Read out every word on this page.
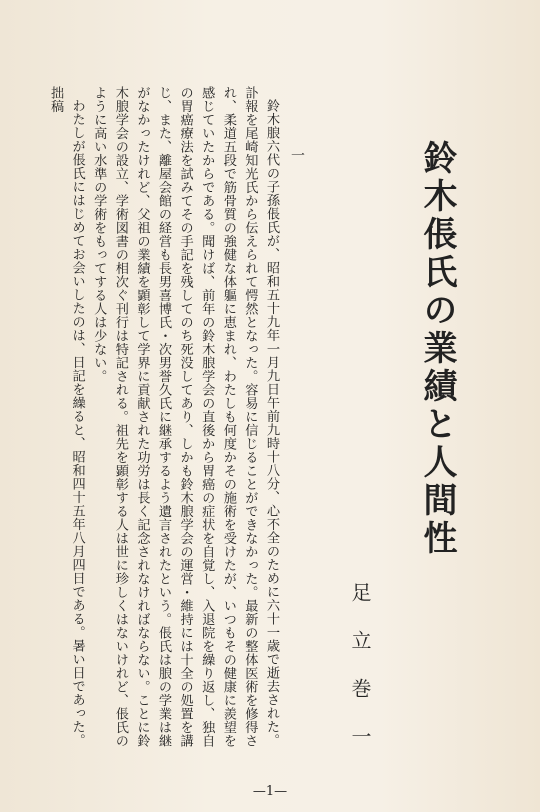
鈴木倀氏の業績と人間性
足立巻一
一

鈴木朖六代の子孫倀氏が、昭和五十九年一月九日午前九時十八分、心不全のために六十一歳で逝去された。訃報を尾崎知光氏から伝えられて愕然となった。容易に信じることができなかった。最新の整体医術を修得され、柔道五段で筋骨質の強健な体軀に恵まれ、わたしも何度かその施術を受けたが、いつもその健康に羨望を感じていたからである。聞けば、前年の鈴木朖学会の直後から胃癌の症状を自覚し、入退院を繰り返し、独自の胃癌療法を試みてその手記を残してのち死没してあり、しかも鈴木朖学会の運営・維持には十全の処置を講じ、また、離屋会館の経営も長男喜博氏・次男誉久氏に継承するよう遺言されたという。倀氏は朖の学業は継がなかったけれど、父祖の業績を顕彰して学界に貢献された功労は長く記念されなければならない。ことに鈴木朖学会の設立、学術図書の相次ぐ刊行は特記される。祖先を顕彰する人は世に珍しくはないけれど、倀氏のように高い水準の学術をもってする人は少ない。

わたしが倀氏にはじめてお会いしたのは、日記を繰ると、昭和四十五年八月四日である。暑い日であった。拙稿

—1—
